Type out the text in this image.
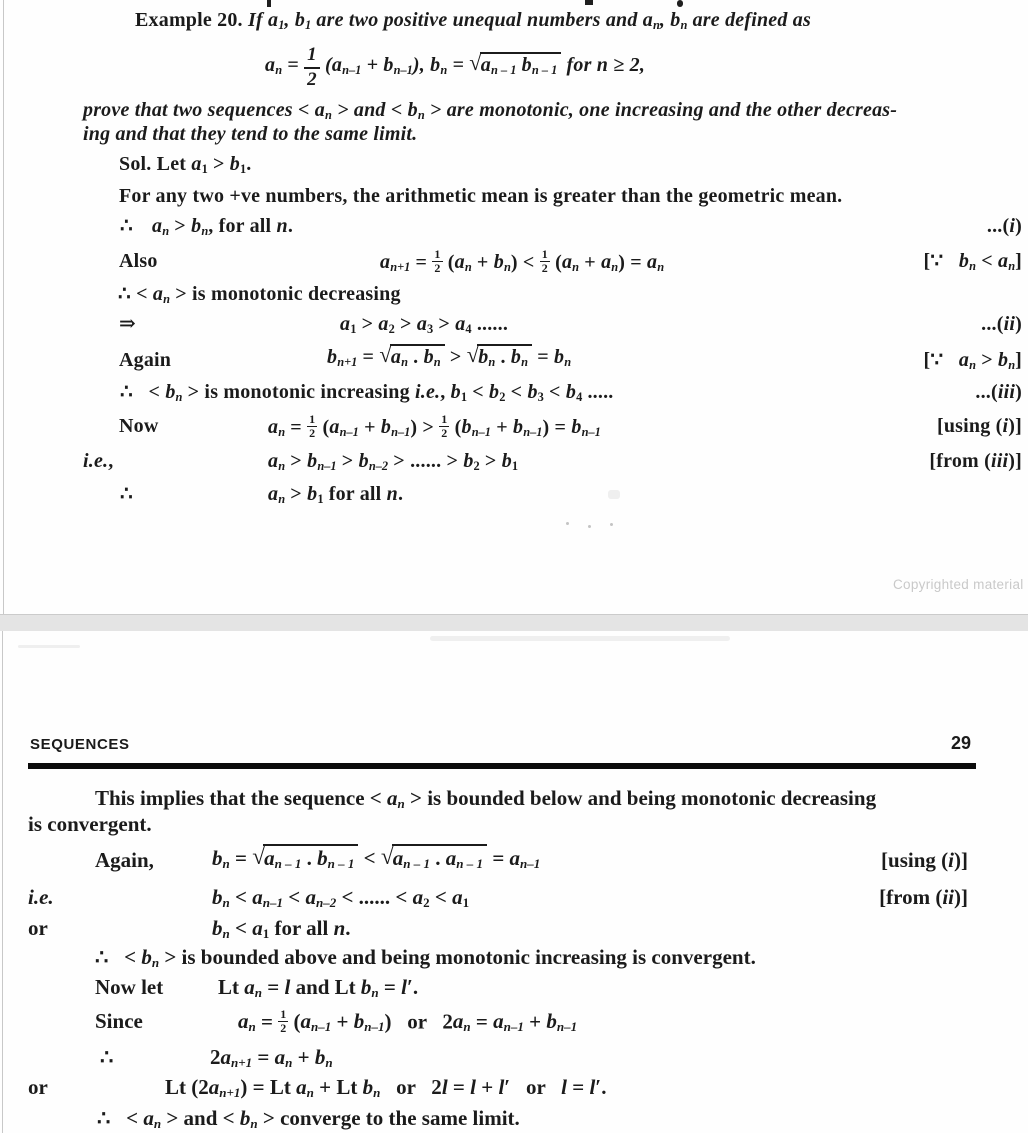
Example 20. If $a_1$, $b_1$ are two positive unequal numbers and $a_n$, $b_n$ are defined as
$a_n = \frac{1}{2} (a_{n-1} + b_{n-1})$, $b_n = √a_{n - 1}$ $b_{n - 1}$ for n ≥ 2,
prove that two sequences < $a_n$ > and < $b_n$ > are monotonic, one increasing and the other decreas-
ing and that they tend to the same limit.
Sol. Let $a_1 > b_1$.
For any two +ve numbers, the arithmetic mean is greater than the geometric mean.
∴ $a_n > b_n$, for all n.	...(i)
Also	$a_{n+1} = \frac{1}{2} (a_n + b_n) < \frac{1}{2} (a_n + a_n) = a_n$	[∵   $b_n < a_n$]
∴ < $a_n$ > is monotonic decreasing
⇒	$a_1 > a_2 > a_3 > a_4$ ......	...(ii)
Again	$b_{n+1} = √a_n$ . $b_n > √b_n$ . $b_n = b_n$	[∵   $a_n > b_n$]
∴   < $b_n$ > is monotonic increasing i.e., $b_1 < b_2 < b_3 < b_4$ .....	...(iii)
Now	$a_n = \frac{1}{2} (a_{n-1} + b_{n-1}) > \frac{1}{2} (b_{n-1} + b_{n-1}) = b_{n-1}$	[using (i)]
i.e.,	$a_n > b_{n-1} > b_{n-2}$ > ...... > $b_2 > b_1$	[from (iii)]
∴	$a_n > b_1$ for all n.
Copyrighted material
SEQUENCES	29
This implies that the sequence < $a_n$ > is bounded below and being monotonic decreasing
is convergent.
Again,	$b_n = √a_{n - 1}$ . $b_{n - 1} < √a_{n - 1}$ . $a_{n - 1} = a_{n-1}$	[using (i)]
i.e.	$b_n < a_{n-1} < a_{n-2}$ < ...... < $a_2 < a_1$	[from (ii)]
or	$b_n < a_1$ for all n.
∴   < $b_n$ > is bounded above and being monotonic increasing is convergent.
Now let	Lt $a_n = l$ and Lt $b_n = l'$.
Since	$a_n = \frac{1}{2} (a_{n-1} + b_{n-1})$   or   $2a_n = a_{n-1} + b_{n-1}$
∴	$2a_{n+1} = a_n + b_n$
or	Lt $(2a_{n+1}) = Lt$ $a_n + Lt$ $b_n$   or   2l = l + l′   or   l = l′.
∴   < $a_n$ > and < $b_n$ > converge to the same limit.
